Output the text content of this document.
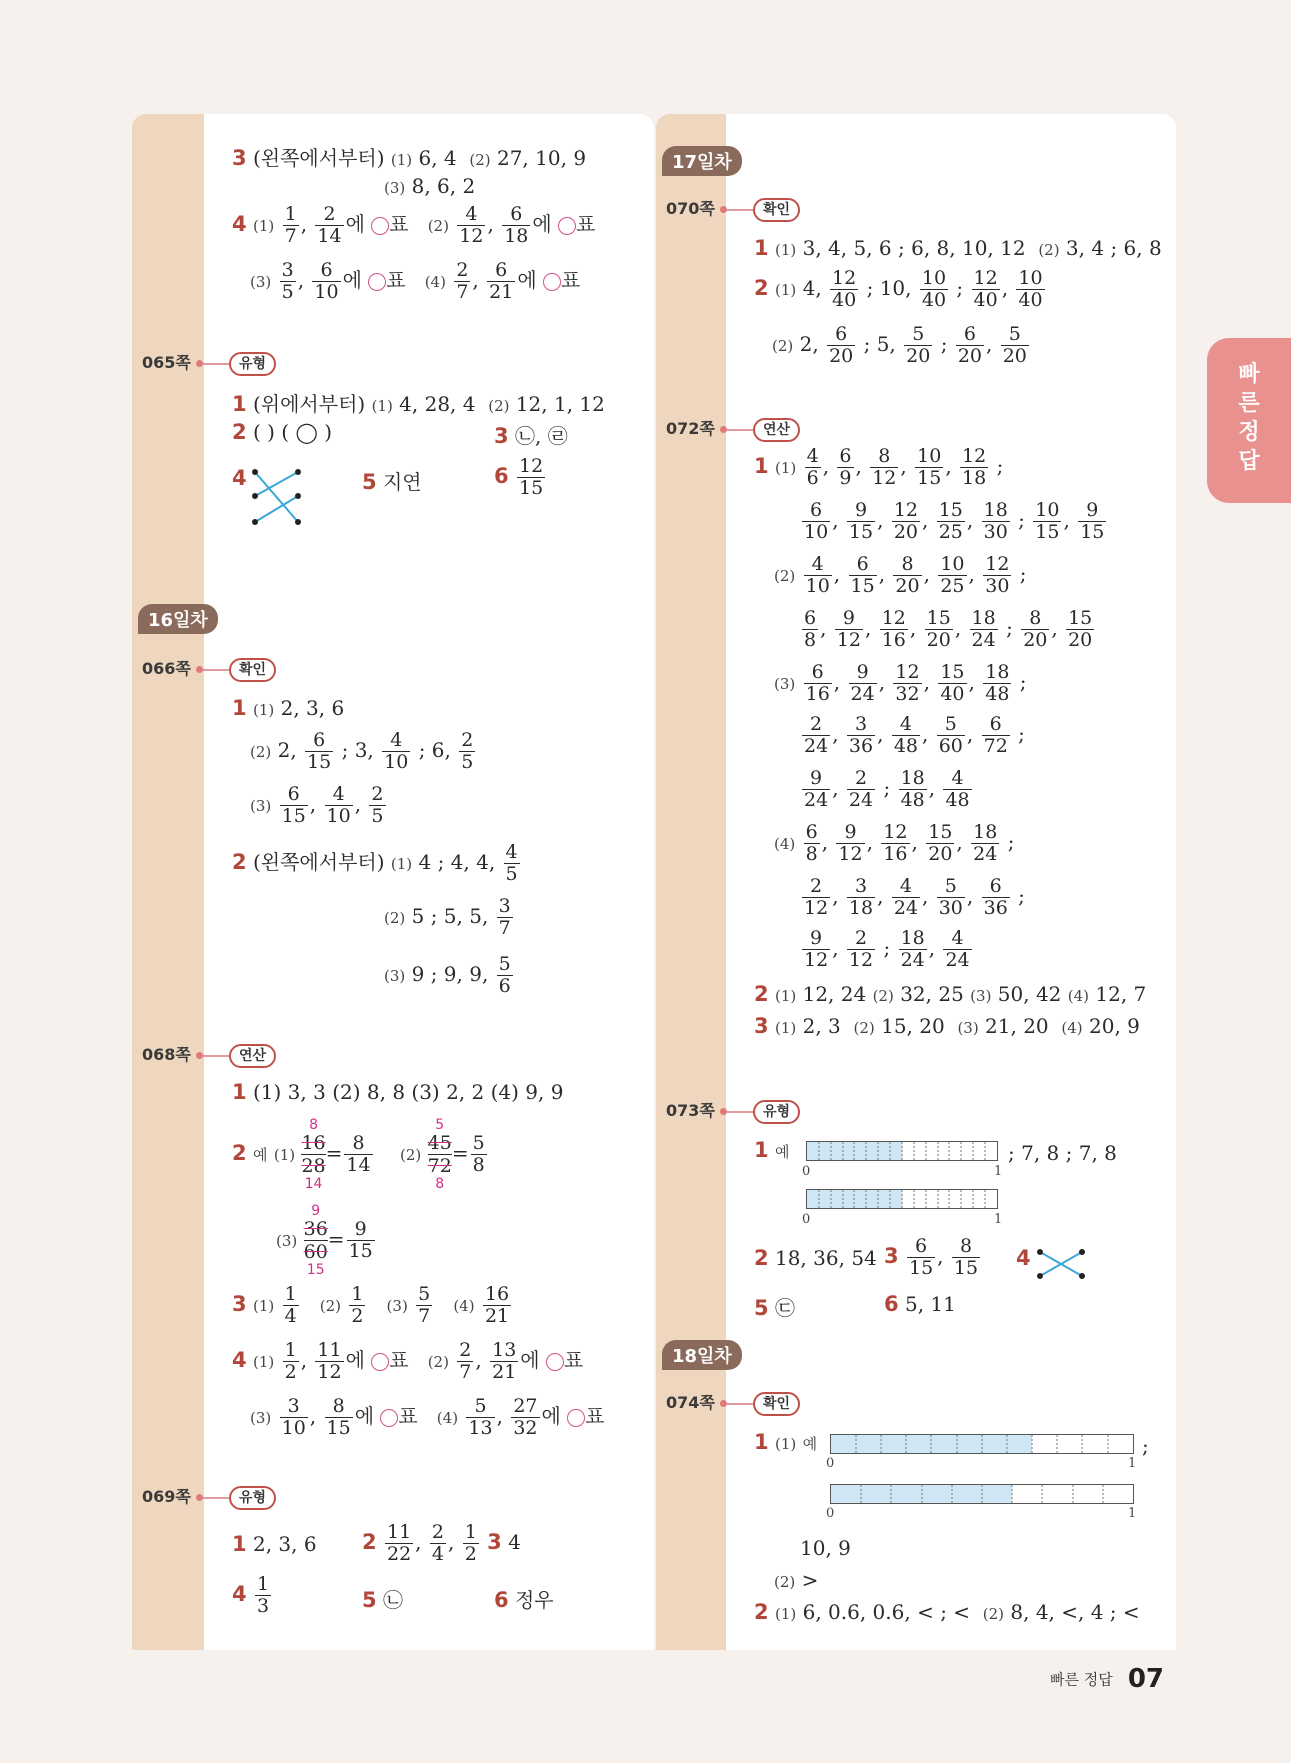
빠
른
정
답
3 (왼쪽에서부터) (1) 6, 4 (2) 27, 10, 9
(3) 8, 6, 2
4 $(1) \frac{1}{7}$ , $\frac{2}{14}$ 에 ○표 $(2) \frac{4}{12}$ , $\frac{6}{18}$ 에 ○표
$(3) \frac{3}{5}$ , $\frac{6}{10}$ 에 ○표 $(4) \frac{2}{7}$ , $\frac{6}{21}$ 에 ○표
065쪽	유형
1 (위에서부터) (1) 4, 28, 4 (2) 12, 1, 12
2 ( ) ( ◯ )	3 ㉡, ㉣
4	5 지연	$6 \frac{12}{15}$
16일차
066쪽	확인
1 (1) 2, 3, 6
(2) 2, $\frac{6}{15}$ ; 3, $\frac{4}{10}$ ; 6, $\frac{2}{5}$
$(3) \frac{6}{15}$ , $\frac{4}{10}$ , $\frac{2}{5}$
2 (왼쪽에서부터) (1) 4 ; 4, 4, $\frac{4}{5}$
(2) 5 ; 5, 5, $\frac{3}{7}$
(3) 9 ; 9, 9, $\frac{5}{6}$
068쪽	연산
1 (1) 3, 3 (2) 8, 8 (3) 2, 2 (4) 9, 9
2 예 (1)
8
16
28
14
= $\frac{8}{14} (2)$
5
45
72
8
= $\frac{5}{8}$
(3)
9
36
60
15
= $\frac{9}{15}$
3 $(1) \frac{1}{4} (2) \frac{1}{2} (3) \frac{5}{7} (4) \frac{16}{21}$
4 $(1) \frac{1}{2}$ , $\frac{11}{12}$ 에 ○표 $(2) \frac{2}{7}$ , $\frac{13}{21}$ 에 ○표
$(3) \frac{3}{10}$ , $\frac{8}{15}$ 에 ○표 $(4) \frac{5}{13}$ , $\frac{27}{32}$ 에 ○표
069쪽	유형
1 2, 3, 6 $2 \frac{11}{22}$ , $\frac{2}{4}$ , $\frac{1}{2} 3$ 4
$4 \frac{1}{3}$	5 ㉡	6 정우
17일차
070쪽	확인
1 (1) 3, 4, 5, 6 ; 6, 8, 10, 12 (2) 3, 4 ; 6, 8
2 (1) 4, $\frac{12}{40}$ ; 10, $\frac{10}{40}$ ; $\frac{12}{40}$ , $\frac{10}{40}$
(2) 2, $\frac{6}{20}$ ; 5, $\frac{5}{20}$ ; $\frac{6}{20}$ , $\frac{5}{20}$
072쪽	연산
1 $(1) \frac{4}{6}$ , $\frac{6}{9}$ , $\frac{8}{12}$ , $\frac{10}{15}$ , $\frac{12}{18}$ ;
$\frac{6}{10}$ , $\frac{9}{15}$ , $\frac{12}{20}$ , $\frac{15}{25}$ , $\frac{18}{30}$ ; $\frac{10}{15}$ , $\frac{9}{15}$
$(2) \frac{4}{10}$ , $\frac{6}{15}$ , $\frac{8}{20}$ , $\frac{10}{25}$ , $\frac{12}{30}$ ;
$\frac{6}{8}$ , $\frac{9}{12}$ , $\frac{12}{16}$ , $\frac{15}{20}$ , $\frac{18}{24}$ ; $\frac{8}{20}$ , $\frac{15}{20}$
$(3) \frac{6}{16}$ , $\frac{9}{24}$ , $\frac{12}{32}$ , $\frac{15}{40}$ , $\frac{18}{48}$ ;
$\frac{2}{24}$ , $\frac{3}{36}$ , $\frac{4}{48}$ , $\frac{5}{60}$ , $\frac{6}{72}$ ;
$\frac{9}{24}$ , $\frac{2}{24}$ ; $\frac{18}{48}$ , $\frac{4}{48}$
$(4) \frac{6}{8}$ , $\frac{9}{12}$ , $\frac{12}{16}$ , $\frac{15}{20}$ , $\frac{18}{24}$ ;
$\frac{2}{12}$ , $\frac{3}{18}$ , $\frac{4}{24}$ , $\frac{5}{30}$ , $\frac{6}{36}$ ;
$\frac{9}{12}$ , $\frac{2}{12}$ ; $\frac{18}{24}$ , $\frac{4}{24}$
2 (1) 12, 24 (2) 32, 25 (3) 50, 42 (4) 12, 7
3 (1) 2, 3 (2) 15, 20 (3) 21, 20 (4) 20, 9
073쪽	유형
1 예
0	1
; 7, 8 ; 7, 8
0	1
2 18, 36, 54 $3 \frac{6}{15}$ , $\frac{8}{15} 4$
5 ㉢	6 5, 11
18일차
074쪽	확인
1 (1) 예	;
0	1
0	1
10, 9
(2) >
2 (1) 6, 0.6, 0.6, < ; < (2) 8, 4, <, 4 ; <
빠른 정답 07
